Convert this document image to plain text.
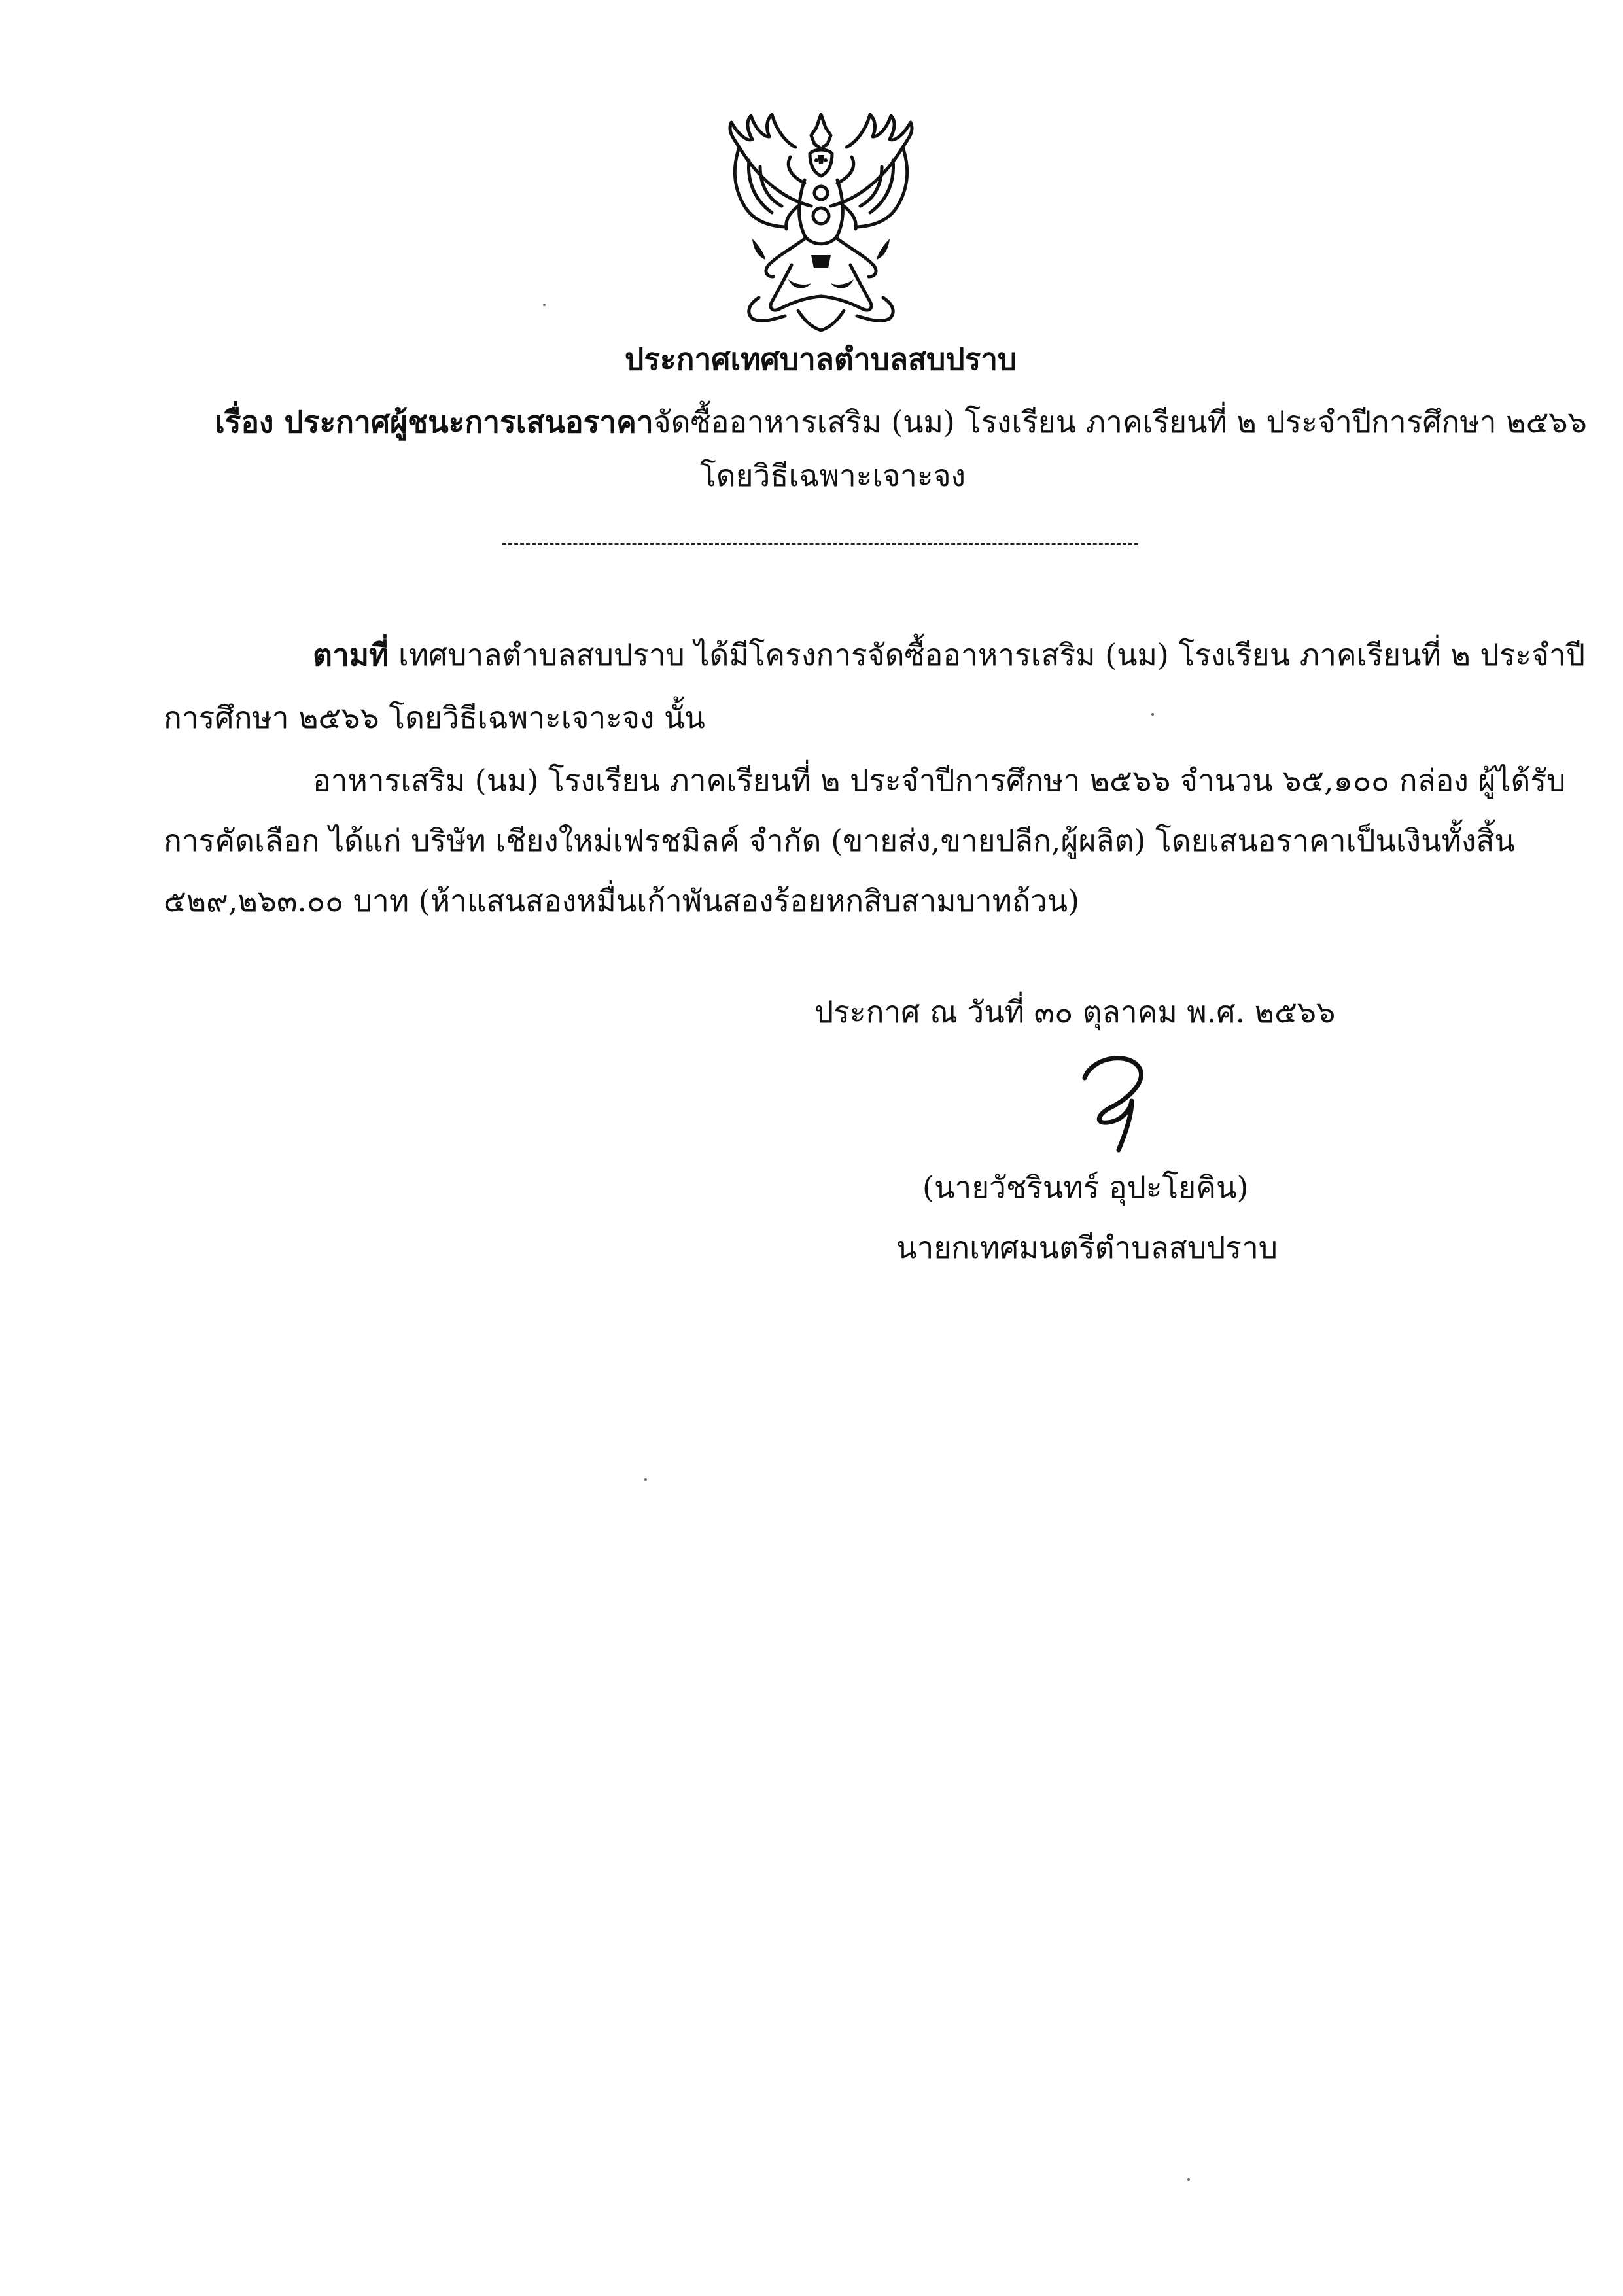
ประกาศเทศบาลตำบลสบปราบ
เรื่อง ประกาศผู้ชนะการเสนอราคาจัดซื้ออาหารเสริม (นม) โรงเรียน ภาคเรียนที่ ๒ ประจำปีการศึกษา ๒๕๖๖
โดยวิธีเฉพาะเจาะจง
ตามที่ เทศบาลตำบลสบปราบ ได้มีโครงการจัดซื้ออาหารเสริม (นม) โรงเรียน ภาคเรียนที่ ๒ ประจำปี
การศึกษา ๒๕๖๖ โดยวิธีเฉพาะเจาะจง นั้น
อาหารเสริม (นม) โรงเรียน ภาคเรียนที่ ๒ ประจำปีการศึกษา ๒๕๖๖ จำนวน ๖๕,๑๐๐ กล่อง ผู้ได้รับ
การคัดเลือก ได้แก่ บริษัท เชียงใหม่เฟรชมิลค์ จำกัด (ขายส่ง,ขายปลีก,ผู้ผลิต) โดยเสนอราคาเป็นเงินทั้งสิ้น
๕๒๙,๒๖๓.๐๐ บาท (ห้าแสนสองหมื่นเก้าพันสองร้อยหกสิบสามบาทถ้วน)
ประกาศ ณ วันที่ ๓๐ ตุลาคม พ.ศ. ๒๕๖๖
(นายวัชรินทร์ อุปะโยคิน)
นายกเทศมนตรีตำบลสบปราบ
